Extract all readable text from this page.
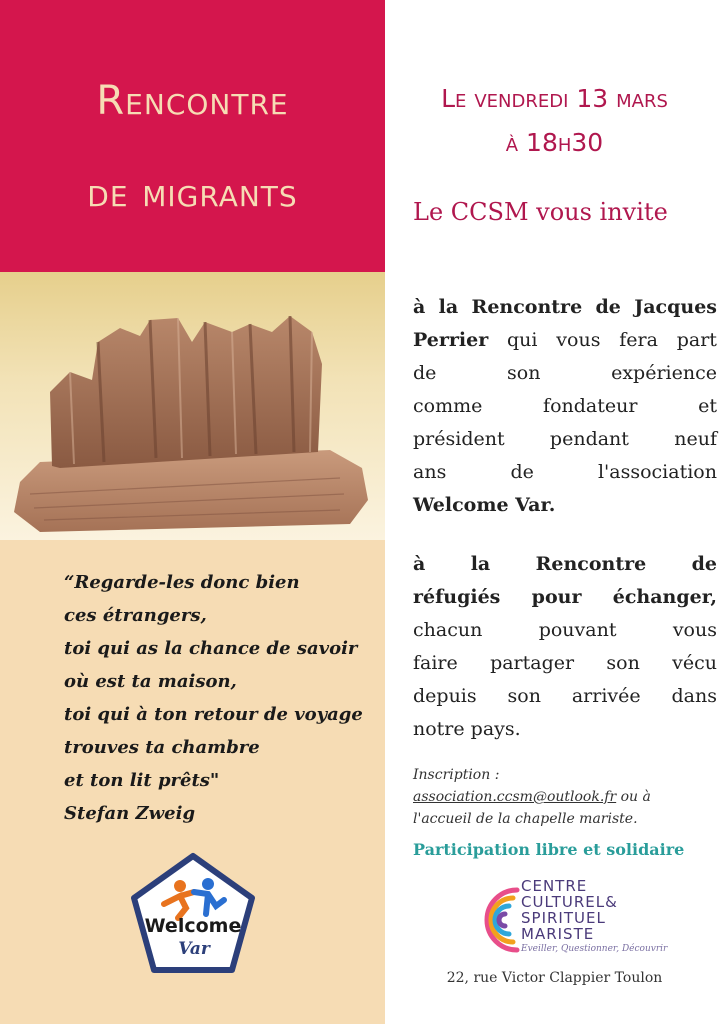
Rencontre
de migrants
“Regarde-les donc bien
ces étrangers,
toi qui as la chance de savoir
où est ta maison,
toi qui à ton retour de voyage
trouves ta chambre
et ton lit prêts"
Stefan Zweig
Welcome
Var
Le vendredi 13 mars
à 18h30
Le CCSM vous invite
à la Rencontre de Jacques
Perrier qui vous fera part
de	son	expérience
comme	fondateur	et
président pendant neuf
ans	de	l'association
Welcome Var.
à la Rencontre de
réfugiés pour échanger,
chacun	pouvant	vous
faire partager son vécu
depuis son arrivée dans
notre pays.
Inscription :
association.ccsm@outlook.fr ou à
l'accueil de la chapelle mariste.
Participation libre et solidaire
CENTRE
CULTUREL&
SPIRITUEL
MARISTE
Eveiller, Questionner, Découvrir
22, rue Victor Clappier Toulon
